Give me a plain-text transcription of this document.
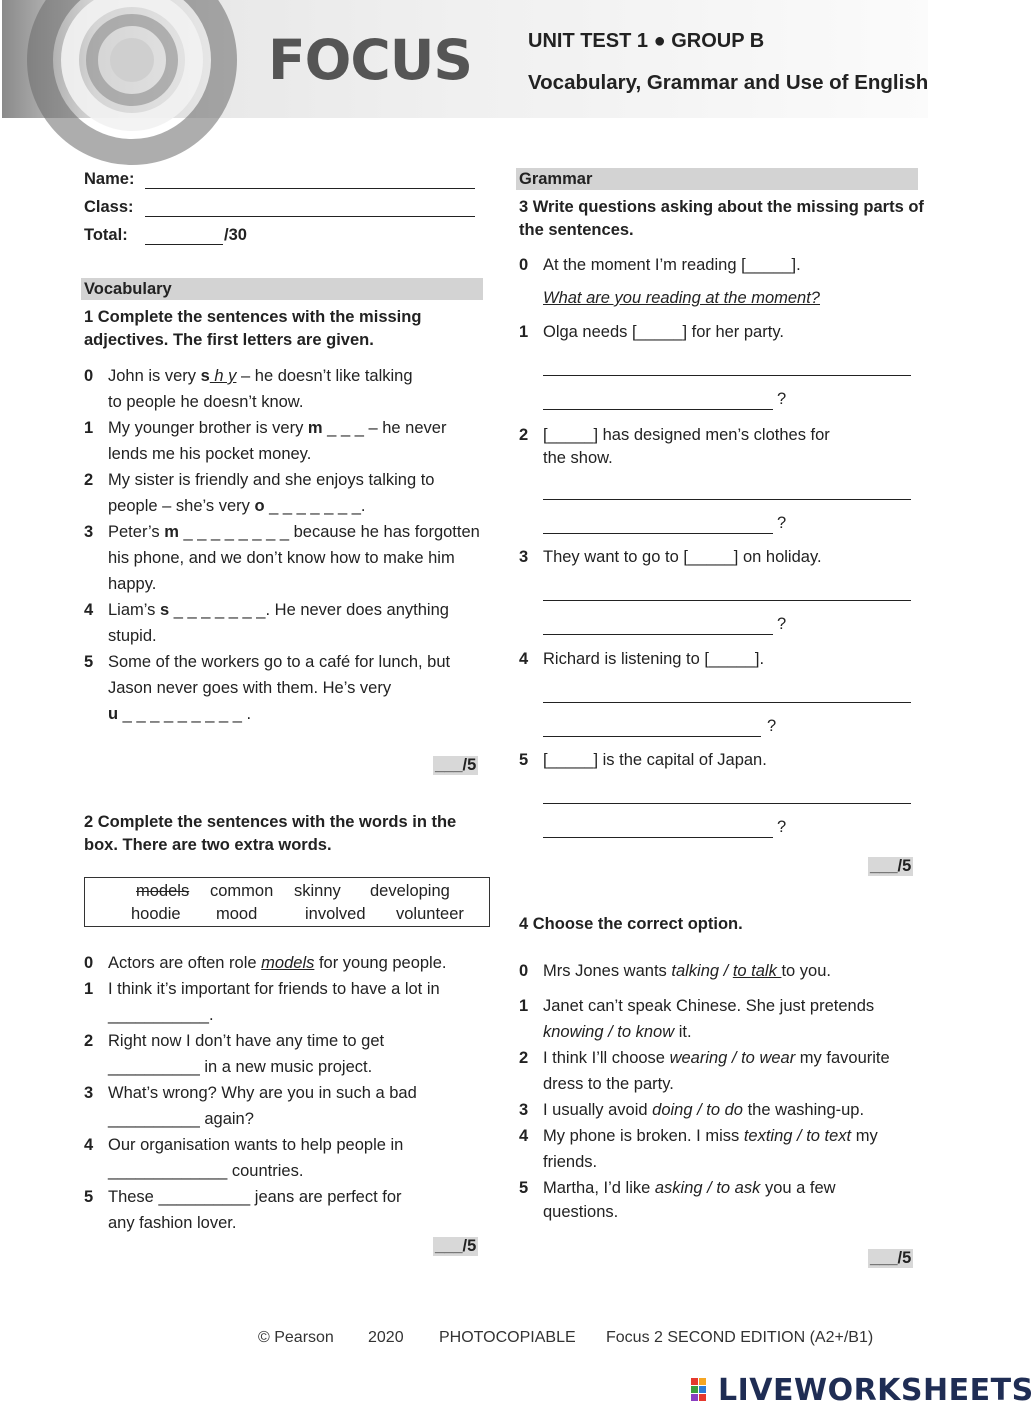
FOCUS	UNIT TEST 1 ● GROUP B
Vocabulary, Grammar and Use of English
Name:
Class:
Total:	/30
Vocabulary
1 Complete the sentences with the missing
adjectives. The first letters are given.
0 John is very s h y – he doesn’t like talking
to people he doesn’t know.
1 My younger brother is very m _ _ _ – he never
lends me his pocket money.
2 My sister is friendly and she enjoys talking to
people – she’s very o _ _ _ _ _ _ _.
3 Peter’s m _ _ _ _ _ _ _ _ because he has forgotten
his phone, and we don’t know how to make him
happy.
4 Liam’s s _ _ _ _ _ _ _. He never does anything
stupid.
5 Some of the workers go to a café for lunch, but
Jason never goes with them. He’s very
u _ _ _ _ _ _ _ _ _ .
___/5
2 Complete the sentences with the words in the
box. There are two extra words.
models common skinny developing
hoodie mood	involved volunteer
0 Actors are often role models for young people.
1 I think it’s important for friends to have a lot in
___________.
2 Right now I don’t have any time to get
__________ in a new music project.
3 What’s wrong? Why are you in such a bad
__________ again?
4 Our organisation wants to help people in
_____________ countries.
5 These __________ jeans are perfect for
any fashion lover.
___/5
Grammar
3 Write questions asking about the missing parts of
the sentences.
0 At the moment I’m reading [_____].
What are you reading at the moment?
1 Olga needs [_____] for her party.
?
2 [_____] has designed men’s clothes for
the show.
?
3 They want to go to [_____] on holiday.
?
4 Richard is listening to [_____].
?
5 [_____] is the capital of Japan.
?
___/5
4 Choose the correct option.
0 Mrs Jones wants talking / to talk to you.
1 Janet can’t speak Chinese. She just pretends
knowing / to know it.
2 I think I’ll choose wearing / to wear my favourite
dress to the party.
3 I usually avoid doing / to do the washing-up.
4 My phone is broken. I miss texting / to text my
friends.
5 Martha, I’d like asking / to ask you a few
questions.
___/5
© Pearson 2020 PHOTOCOPIABLE Focus 2 SECOND EDITION (A2+/B1)
LIVEWORKSHEETS
